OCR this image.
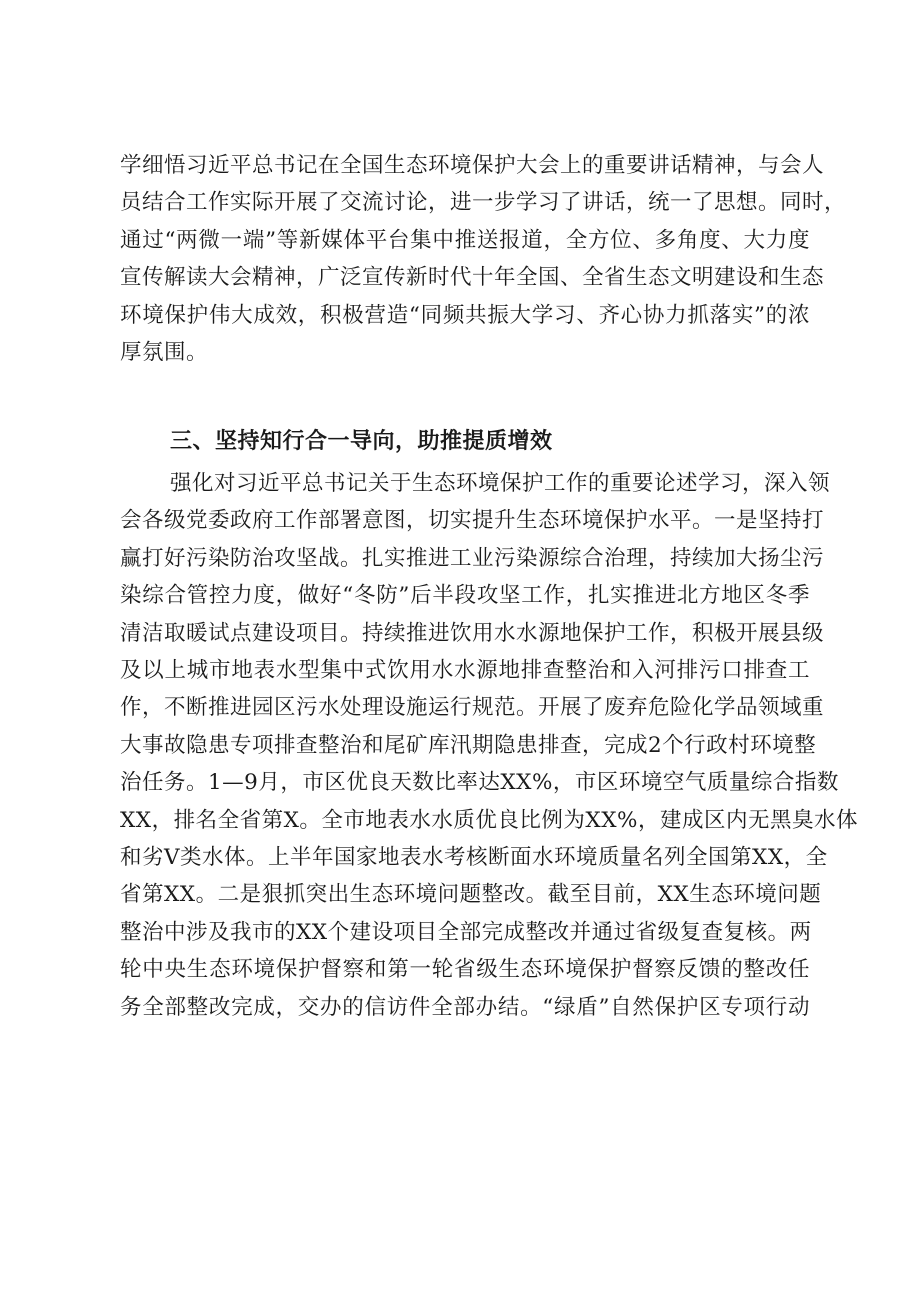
学细悟习近平总书记在全国生态环境保护大会上的重要讲话精神，与会人
员结合工作实际开展了交流讨论，进一步学习了讲话，统一了思想。同时，
通过“两微一端”等新媒体平台集中推送报道，全方位、多角度、大力度
宣传解读大会精神，广泛宣传新时代十年全国、全省生态文明建设和生态
环境保护伟大成效，积极营造“同频共振大学习、齐心协力抓落实”的浓
厚氛围。
三、坚持知行合一导向，助推提质增效
强化对习近平总书记关于生态环境保护工作的重要论述学习，深入领
会各级党委政府工作部署意图，切实提升生态环境保护水平。一是坚持打
赢打好污染防治攻坚战。扎实推进工业污染源综合治理，持续加大扬尘污
染综合管控力度，做好“冬防”后半段攻坚工作，扎实推进北方地区冬季
清洁取暖试点建设项目。持续推进饮用水水源地保护工作，积极开展县级
及以上城市地表水型集中式饮用水水源地排查整治和入河排污口排查工
作，不断推进园区污水处理设施运行规范。开展了废弃危险化学品领域重
大事故隐患专项排查整治和尾矿库汛期隐患排查，完成2个行政村环境整
治任务。1—9月，市区优良天数比率达XX%，市区环境空气质量综合指数
XX，排名全省第X。全市地表水水质优良比例为XX%，建成区内无黑臭水体
和劣Ⅴ类水体。上半年国家地表水考核断面水环境质量名列全国第XX，全
省第XX。二是狠抓突出生态环境问题整改。截至目前，XX生态环境问题
整治中涉及我市的XX个建设项目全部完成整改并通过省级复查复核。两
轮中央生态环境保护督察和第一轮省级生态环境保护督察反馈的整改任
务全部整改完成，交办的信访件全部办结。“绿盾”自然保护区专项行动
